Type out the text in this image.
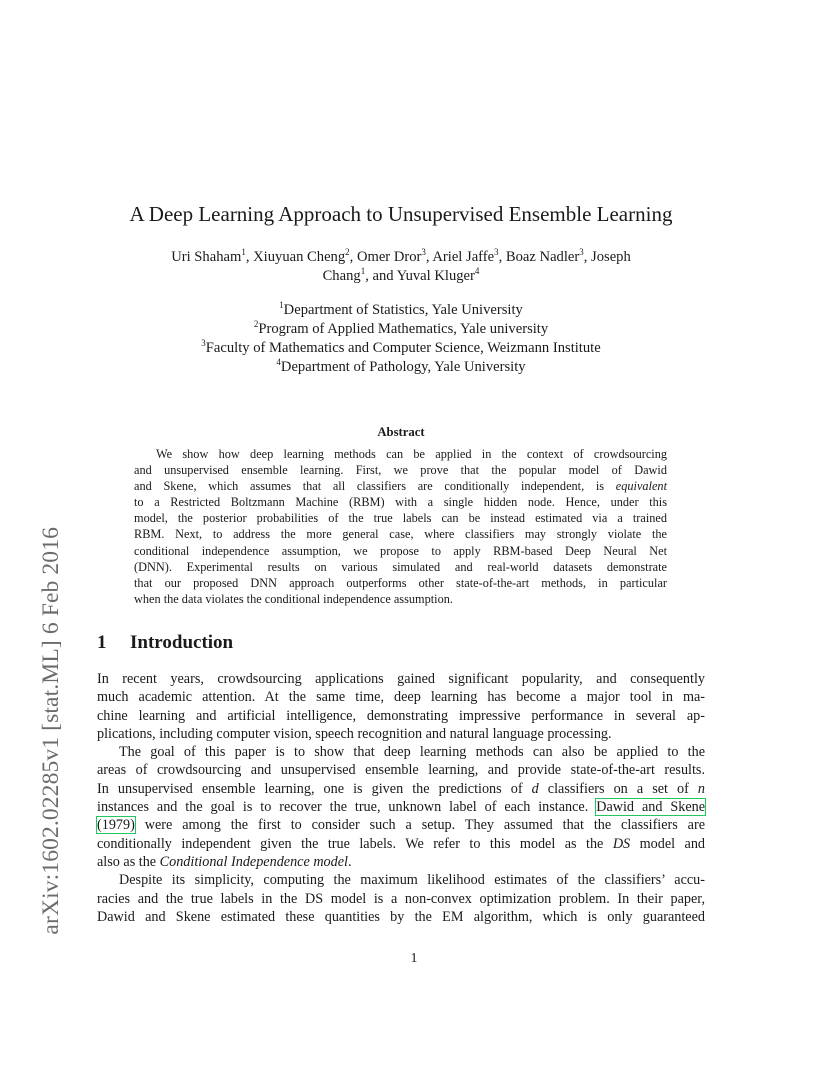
arXiv:1602.02285v1 [stat.ML] 6 Feb 2016
A Deep Learning Approach to Unsupervised Ensemble Learning
Uri Shaham$^1$, Xiuyuan Cheng$^2$, Omer Dror$^3$, Ariel Jaffe$^3$, Boaz Nadler$^3$, Joseph
Chang$^1$, and Yuval Kluger$^4$
$^1$Department of Statistics, Yale University
$^2$Program of Applied Mathematics, Yale university
$^3$Faculty of Mathematics and Computer Science, Weizmann Institute
$^4$Department of Pathology, Yale University
Abstract
We show how deep learning methods can be applied in the context of crowdsourcing
and unsupervised ensemble learning. First, we prove that the popular model of Dawid
and Skene, which assumes that all classifiers are conditionally independent, is equivalent
to a Restricted Boltzmann Machine (RBM) with a single hidden node. Hence, under this
model, the posterior probabilities of the true labels can be instead estimated via a trained
RBM. Next, to address the more general case, where classifiers may strongly violate the
conditional independence assumption, we propose to apply RBM-based Deep Neural Net
(DNN). Experimental results on various simulated and real-world datasets demonstrate
that our proposed DNN approach outperforms other state-of-the-art methods, in particular
when the data violates the conditional independence assumption.
1 Introduction
In recent years, crowdsourcing applications gained significant popularity, and consequently
much academic attention. At the same time, deep learning has become a major tool in ma-
chine learning and artificial intelligence, demonstrating impressive performance in several ap-
plications, including computer vision, speech recognition and natural language processing.
The goal of this paper is to show that deep learning methods can also be applied to the
areas of crowdsourcing and unsupervised ensemble learning, and provide state-of-the-art results.
In unsupervised ensemble learning, one is given the predictions of d classifiers on a set of n
instances and the goal is to recover the true, unknown label of each instance. Dawid and Skene
(1979) were among the first to consider such a setup. They assumed that the classifiers are
conditionally independent given the true labels. We refer to this model as the DS model and
also as the Conditional Independence model.
Despite its simplicity, computing the maximum likelihood estimates of the classifiers’ accu-
racies and the true labels in the DS model is a non-convex optimization problem. In their paper,
Dawid and Skene estimated these quantities by the EM algorithm, which is only guaranteed
1
